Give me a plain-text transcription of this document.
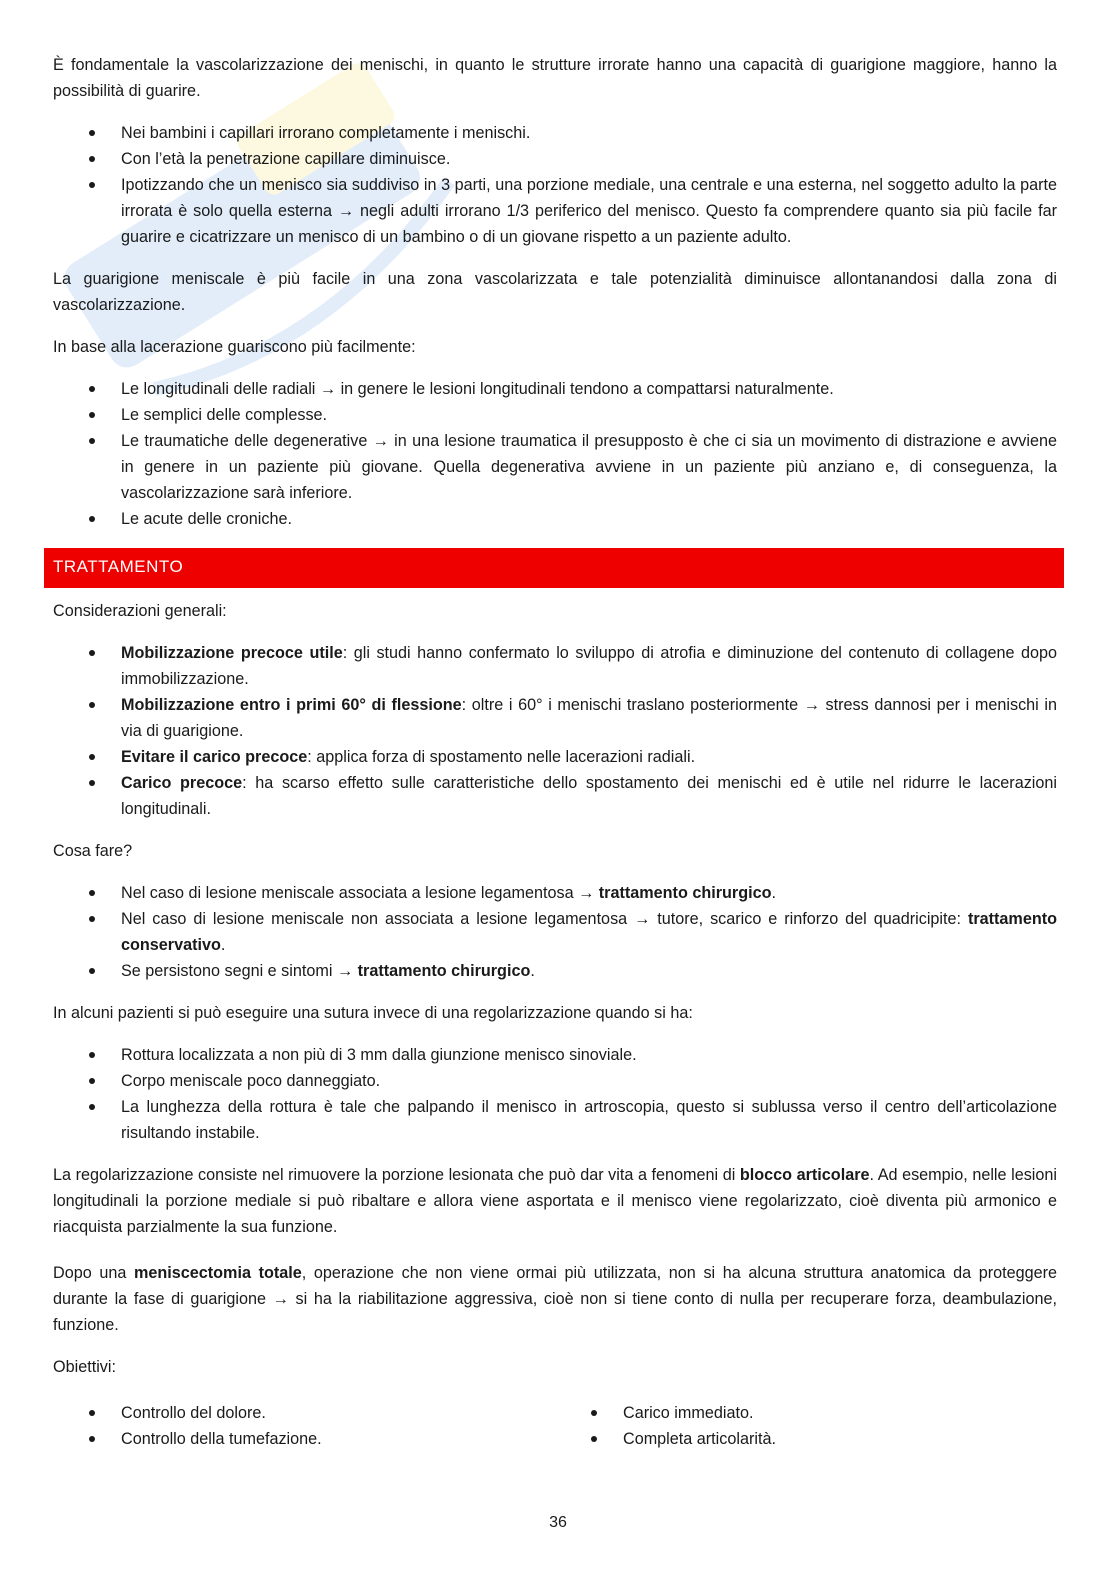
È fondamentale la vascolarizzazione dei menischi, in quanto le strutture irrorate hanno una capacità di guarigione maggiore, hanno la possibilità di guarire.

Nei bambini i capillari irrorano completamente i menischi.
Con l’età la penetrazione capillare diminuisce.
Ipotizzando che un menisco sia suddiviso in 3 parti, una porzione mediale, una centrale e una esterna, nel soggetto adulto la parte irrorata è solo quella esterna → negli adulti irrorano 1/3 periferico del menisco. Questo fa comprendere quanto sia più facile far guarire e cicatrizzare un menisco di un bambino o di un giovane rispetto a un paziente adulto.

La guarigione meniscale è più facile in una zona vascolarizzata e tale potenzialità diminuisce allontanandosi dalla zona di vascolarizzazione.

In base alla lacerazione guariscono più facilmente:

Le longitudinali delle radiali → in genere le lesioni longitudinali tendono a compattarsi naturalmente.
Le semplici delle complesse.
Le traumatiche delle degenerative → in una lesione traumatica il presupposto è che ci sia un movimento di distrazione e avviene in genere in un paziente più giovane. Quella degenerativa avviene in un paziente più anziano e, di conseguenza, la vascolarizzazione sarà inferiore.
Le acute delle croniche.
TRATTAMENTO

Considerazioni generali:

Mobilizzazione precoce utile: gli studi hanno confermato lo sviluppo di atrofia e diminuzione del contenuto di collagene dopo immobilizzazione.
Mobilizzazione entro i primi 60° di flessione: oltre i 60° i menischi traslano posteriormente → stress dannosi per i menischi in via di guarigione.
Evitare il carico precoce: applica forza di spostamento nelle lacerazioni radiali.
Carico precoce: ha scarso effetto sulle caratteristiche dello spostamento dei menischi ed è utile nel ridurre le lacerazioni longitudinali.

Cosa fare?

Nel caso di lesione meniscale associata a lesione legamentosa → trattamento chirurgico.
Nel caso di lesione meniscale non associata a lesione legamentosa → tutore, scarico e rinforzo del quadricipite: trattamento conservativo.
Se persistono segni e sintomi → trattamento chirurgico.

In alcuni pazienti si può eseguire una sutura invece di una regolarizzazione quando si ha:

Rottura localizzata a non più di 3 mm dalla giunzione menisco sinoviale.
Corpo meniscale poco danneggiato.
La lunghezza della rottura è tale che palpando il menisco in artroscopia, questo si sublussa verso il centro dell’articolazione risultando instabile.

La regolarizzazione consiste nel rimuovere la porzione lesionata che può dar vita a fenomeni di blocco articolare. Ad esempio, nelle lesioni longitudinali la porzione mediale si può ribaltare e allora viene asportata e il menisco viene regolarizzato, cioè diventa più armonico e riacquista parzialmente la sua funzione.

Dopo una meniscectomia totale, operazione che non viene ormai più utilizzata, non si ha alcuna struttura anatomica da proteggere durante la fase di guarigione → si ha la riabilitazione aggressiva, cioè non si tiene conto di nulla per recuperare forza, deambulazione, funzione.

Obiettivi:

Controllo del dolore.
Controllo della tumefazione.
Carico immediato.
Completa articolarità.
36
